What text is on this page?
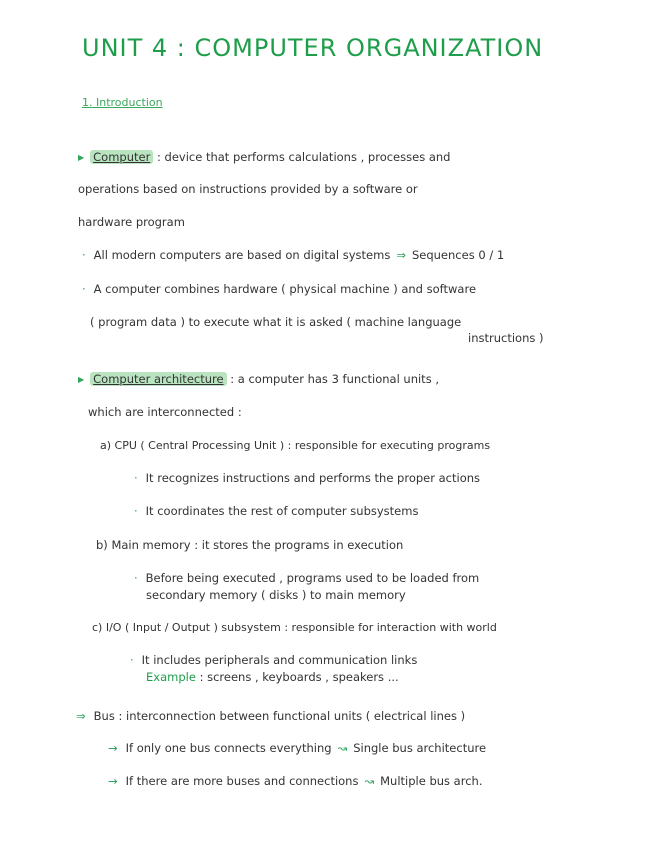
UNIT 4 : COMPUTER ORGANIZATION
1. Introduction
▶ Computer : device that performs calculations , processes and
operations based on instructions provided by a software or
hardware program
· All modern computers are based on digital systems ⇒ Sequences 0 / 1
· A computer combines hardware ( physical machine ) and software
( program data ) to execute what it is asked ( machine language
instructions )
▶ Computer architecture : a computer has 3 functional units ,
which are interconnected :
a) CPU ( Central Processing Unit ) : responsible for executing programs
· It recognizes instructions and performs the proper actions
· It coordinates the rest of computer subsystems
b) Main memory : it stores the programs in execution
· Before being executed , programs used to be loaded from
secondary memory ( disks ) to main memory
c) I/O ( Input / Output ) subsystem : responsible for interaction with world
· It includes peripherals and communication links
Example : screens , keyboards , speakers ...
⇒ Bus : interconnection between functional units ( electrical lines )
→ If only one bus connects everything ↝ Single bus architecture
→ If there are more buses and connections ↝ Multiple bus arch.
